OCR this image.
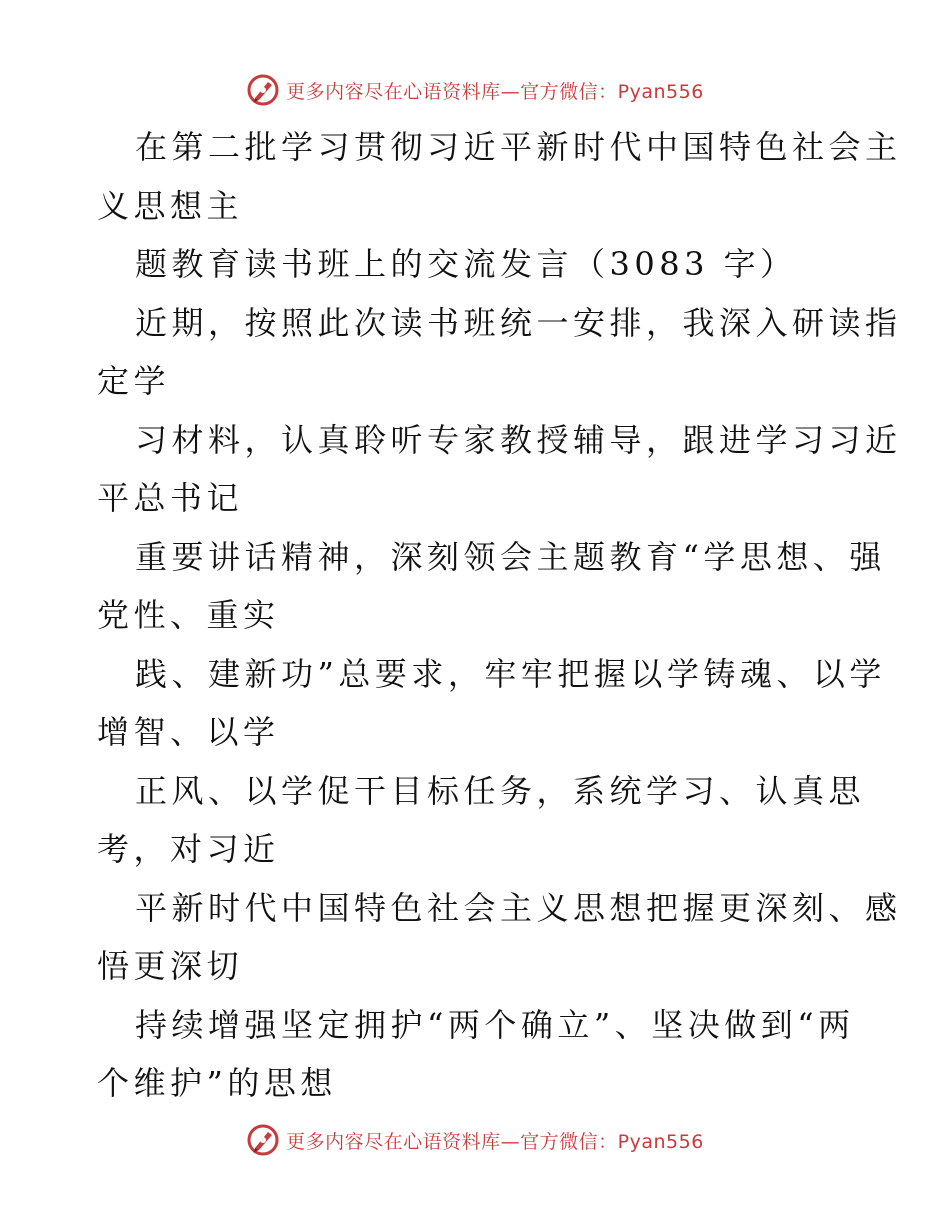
更多内容尽在心语资料库—官方微信：Pyan556
在第二批学习贯彻习近平新时代中国特色社会主
义思想主
题教育读书班上的交流发言（3083 字）
近期，按照此次读书班统一安排，我深入研读指
定学
习材料，认真聆听专家教授辅导，跟进学习习近
平总书记
重要讲话精神，深刻领会主题教育“学思想、强
党性、重实
践、建新功”总要求，牢牢把握以学铸魂、以学
增智、以学
正风、以学促干目标任务，系统学习、认真思
考，对习近
平新时代中国特色社会主义思想把握更深刻、感
悟更深切
持续增强坚定拥护“两个确立”、坚决做到“两
个维护”的思想
更多内容尽在心语资料库—官方微信：Pyan556
